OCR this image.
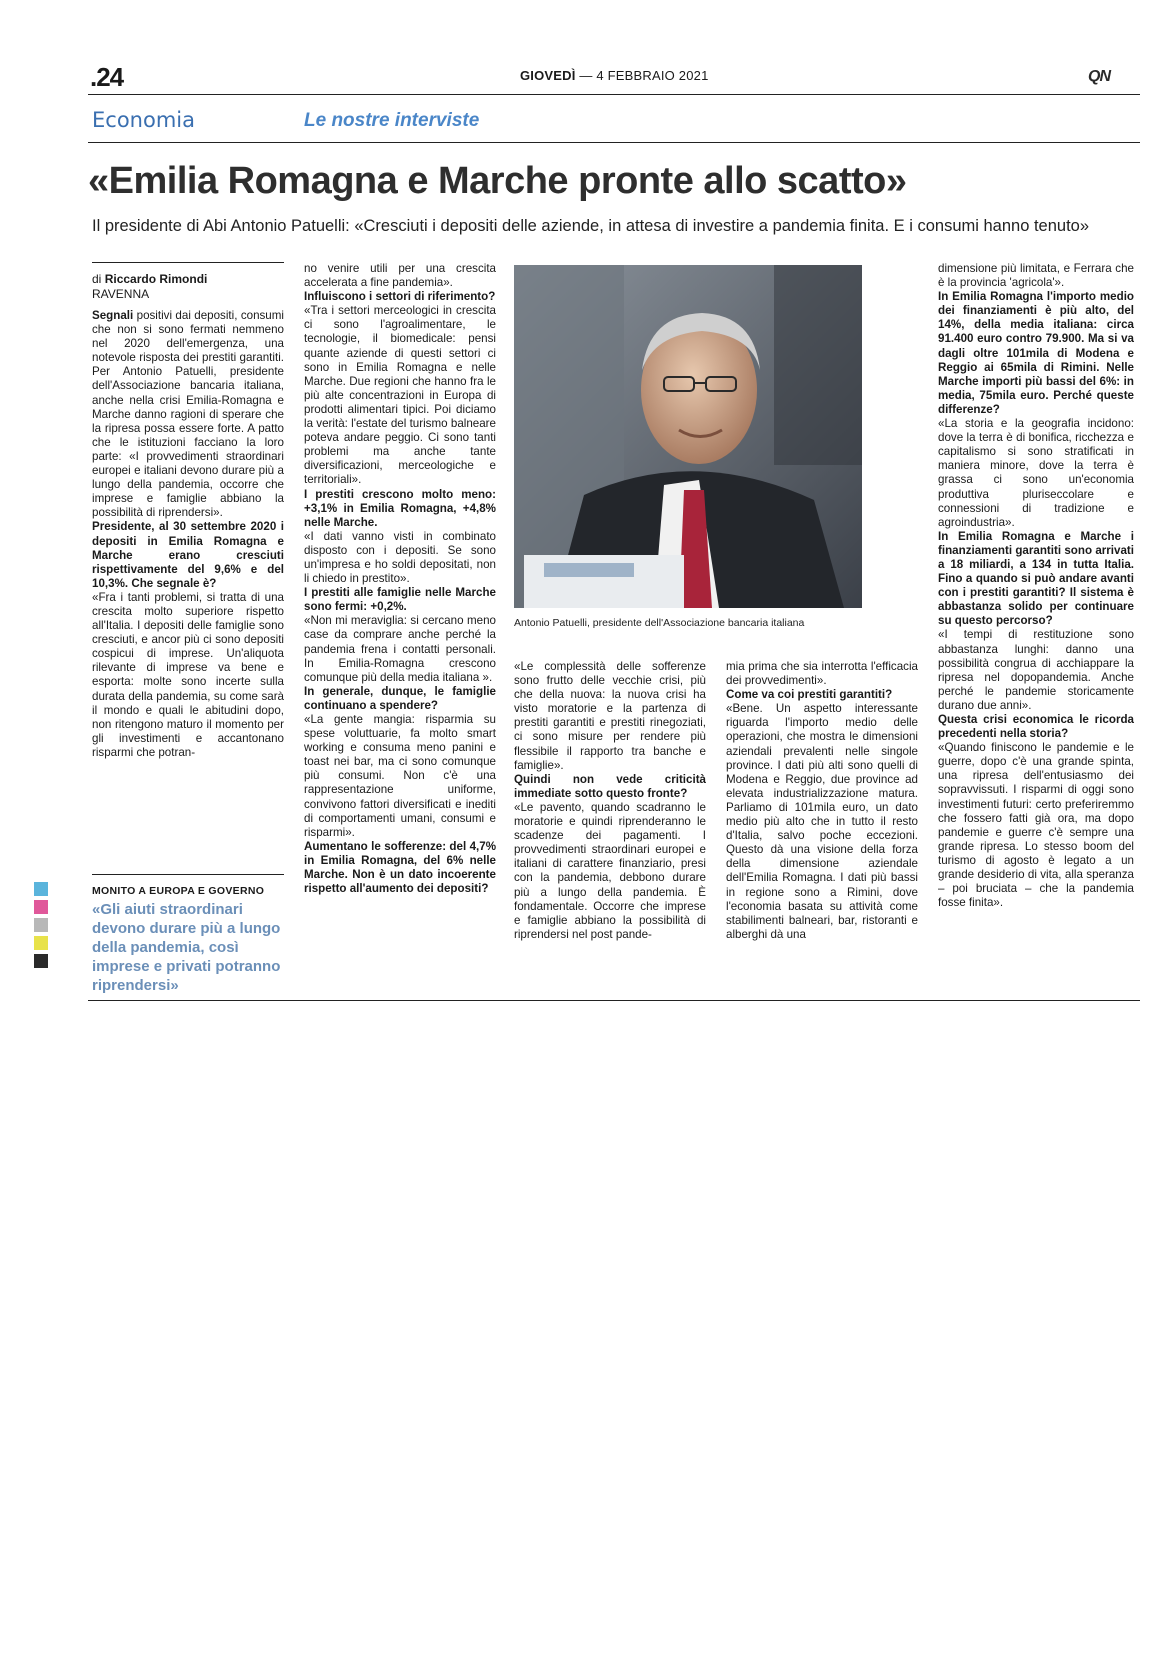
.24	GIOVEDÌ — 4 FEBBRAIO 2021	QN
Economia	Le nostre interviste
«Emilia Romagna e Marche pronte allo scatto»
Il presidente di Abi Antonio Patuelli: «Cresciuti i depositi delle aziende, in attesa di investire a pandemia finita. E i consumi hanno tenuto»
di Riccardo Rimondi
RAVENNA

Segnali positivi dai depositi, consumi che non si sono fermati nemmeno nel 2020 dell'emergenza, una notevole risposta dei prestiti garantiti. Per Antonio Patuelli, presidente dell'Associazione bancaria italiana, anche nella crisi Emilia-Romagna e Marche danno ragioni di sperare che la ripresa possa essere forte. A patto che le istituzioni facciano la loro parte: «I provvedimenti straordinari europei e italiani devono durare più a lungo della pandemia, occorre che imprese e famiglie abbiano la possibilità di riprendersi».

Presidente, al 30 settembre 2020 i depositi in Emilia Romagna e Marche erano cresciuti rispettivamente del 9,6% e del 10,3%. Che segnale è?

«Fra i tanti problemi, si tratta di una crescita molto superiore rispetto all'Italia. I depositi delle famiglie sono cresciuti, e ancor più ci sono depositi cospicui di imprese. Un'aliquota rilevante di imprese va bene e esporta: molte sono incerte sulla durata della pandemia, su come sarà il mondo e quali le abitudini dopo, non ritengono maturo il momento per gli investimenti e accantonano risparmi che potran-

MONITO A EUROPA E GOVERNO
«Gli aiuti straordinari devono durare più a lungo della pandemia, così imprese e privati potranno riprendersi»

no venire utili per una crescita accelerata a fine pandemia».

Influiscono i settori di riferimento?

«Tra i settori merceologici in crescita ci sono l'agroalimentare, le tecnologie, il biomedicale: pensi quante aziende di questi settori ci sono in Emilia Romagna e nelle Marche. Due regioni che hanno fra le più alte concentrazioni in Europa di prodotti alimentari tipici. Poi diciamo la verità: l'estate del turismo balneare poteva andare peggio. Ci sono tanti problemi ma anche tante diversificazioni, merceologiche e territoriali».

I prestiti crescono molto meno: +3,1% in Emilia Romagna, +4,8% nelle Marche.

«I dati vanno visti in combinato disposto con i depositi. Se sono un'impresa e ho soldi depositati, non li chiedo in prestito».

I prestiti alle famiglie nelle Marche sono fermi: +0,2%.

«Non mi meraviglia: si cercano meno case da comprare anche perché la pandemia frena i contatti personali. In Emilia-Romagna crescono comunque più della media italiana ».

In generale, dunque, le famiglie continuano a spendere?

«La gente mangia: risparmia su spese voluttuarie, fa molto smart working e consuma meno panini e toast nei bar, ma ci sono comunque più consumi. Non c'è una rappresentazione uniforme, convivono fattori diversificati e inediti di comportamenti umani, consumi e risparmi».

Aumentano le sofferenze: del 4,7% in Emilia Romagna, del 6% nelle Marche. Non è un dato incoerente rispetto all'aumento dei depositi?

Antonio Patuelli, presidente dell'Associazione bancaria italiana

«Le complessità delle sofferenze sono frutto delle vecchie crisi, più che della nuova: la nuova crisi ha visto moratorie e la partenza di prestiti garantiti e prestiti rinegoziati, ci sono misure per rendere più flessibile il rapporto tra banche e famiglie».

Quindi non vede criticità immediate sotto questo fronte?

«Le pavento, quando scadranno le moratorie e quindi riprenderanno le scadenze dei pagamenti. I provvedimenti straordinari europei e italiani di carattere finanziario, presi con la pandemia, debbono durare più a lungo della pandemia. È fondamentale. Occorre che imprese e famiglie abbiano la possibilità di riprendersi nel post pande-

mia prima che sia interrotta l'efficacia dei provvedimenti».

Come va coi prestiti garantiti?

«Bene. Un aspetto interessante riguarda l'importo medio delle operazioni, che mostra le dimensioni aziendali prevalenti nelle singole province. I dati più alti sono quelli di Modena e Reggio, due province ad elevata industrializzazione matura. Parliamo di 101mila euro, un dato medio più alto che in tutto il resto d'Italia, salvo poche eccezioni. Questo dà una visione della forza della dimensione aziendale dell'Emilia Romagna. I dati più bassi in regione sono a Rimini, dove l'economia basata su attività come stabilimenti balneari, bar, ristoranti e alberghi dà una

dimensione più limitata, e Ferrara che è la provincia 'agricola'».

In Emilia Romagna l'importo medio dei finanziamenti è più alto, del 14%, della media italiana: circa 91.400 euro contro 79.900. Ma si va dagli oltre 101mila di Modena e Reggio ai 65mila di Rimini. Nelle Marche importi più bassi del 6%: in media, 75mila euro. Perché queste differenze?

«La storia e la geografia incidono: dove la terra è di bonifica, ricchezza e capitalismo si sono stratificati in maniera minore, dove la terra è grassa ci sono un'economia produttiva pluriseccolare e connessioni di tradizione e agroindustria».

In Emilia Romagna e Marche i finanziamenti garantiti sono arrivati a 18 miliardi, a 134 in tutta Italia. Fino a quando si può andare avanti con i prestiti garantiti? Il sistema è abbastanza solido per continuare su questo percorso?

«I tempi di restituzione sono abbastanza lunghi: danno una possibilità congrua di acchiappare la ripresa nel dopopandemia. Anche perché le pandemie storicamente durano due anni».

Questa crisi economica le ricorda precedenti nella storia?

«Quando finiscono le pandemie e le guerre, dopo c'è una grande spinta, una ripresa dell'entusiasmo dei sopravvissuti. I risparmi di oggi sono investimenti futuri: certo preferiremmo che fossero fatti già ora, ma dopo pandemie e guerre c'è sempre una grande ripresa. Lo stesso boom del turismo di agosto è legato a un grande desiderio di vita, alla speranza – poi bruciata – che la pandemia fosse finita».
